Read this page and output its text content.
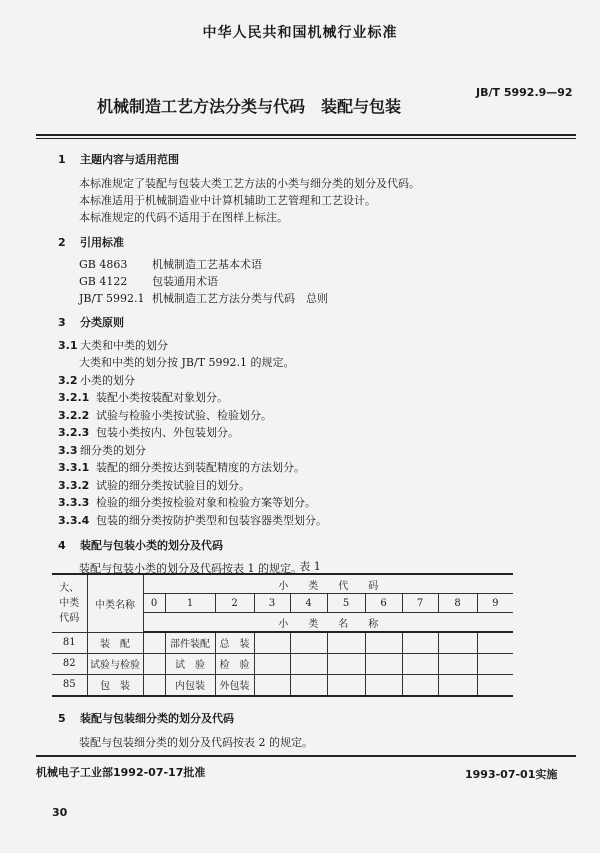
中华人民共和国机械行业标准
JB/T 5992.9—92
机械制造工艺方法分类与代码　装配与包装
1 主题内容与适用范围
本标准规定了装配与包装大类工艺方法的小类与细分类的划分及代码。
本标准适用于机械制造业中计算机辅助工艺管理和工艺设计。
本标准规定的代码不适用于在图样上标注。
2 引用标准
GB 4863 机械制造工艺基本术语
GB 4122 包装通用术语
JB/T 5992.1 机械制造工艺方法分类与代码　总则
3 分类原则
3.1 大类和中类的划分
大类和中类的划分按 JB/T 5992.1 的规定。
3.2 小类的划分
3.2.1 装配小类按装配对象划分。
3.2.2 试验与检验小类按试验、检验划分。
3.2.3 包装小类按内、外包装划分。
3.3 细分类的划分
3.3.1 装配的细分类按达到装配精度的方法划分。
3.3.2 试验的细分类按试验目的划分。
3.3.3 检验的细分类按检验对象和检验方案等划分。
3.3.4 包装的细分类按防护类型和包装容器类型划分。
4 装配与包装小类的划分及代码
装配与包装小类的划分及代码按表 1 的规定。
表 1
大、中类代码	中类名称	小　　类　　代　　码									
		0	1	2	3	4	5	6	7	8	9
		小　　类　　名　　称									
81	装　配		部件装配	总　装							
82	试验与检验		试　验	检　验							
85	包　装		内包装	外包装							
5 装配与包装细分类的划分及代码
装配与包装细分类的划分及代码按表 2 的规定。
机械电子工业部1992-07-17批准	1993-07-01实施
30
